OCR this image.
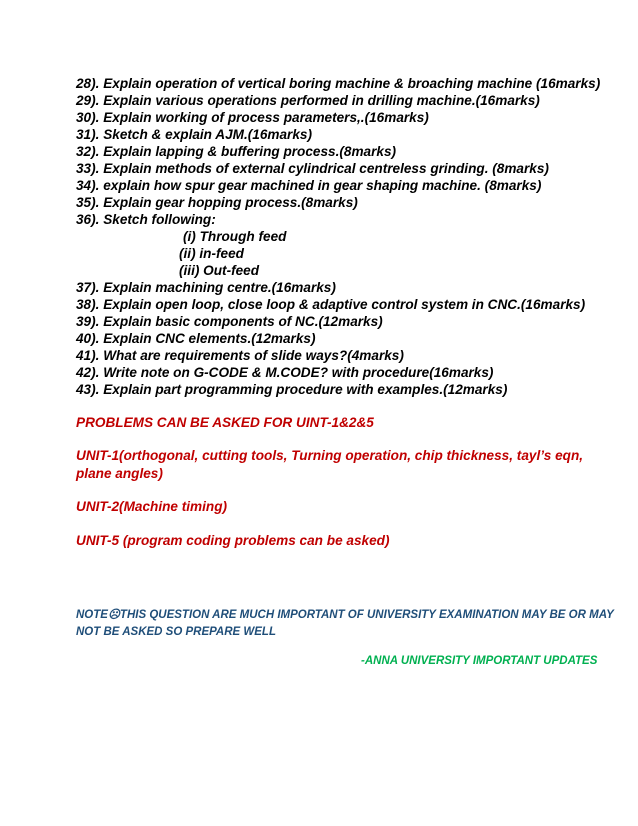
28). Explain operation of vertical boring machine & broaching machine (16marks)
29). Explain various operations performed in drilling machine.(16marks)
30). Explain working of process parameters,.(16marks)
31). Sketch & explain AJM.(16marks)
32). Explain lapping & buffering process.(8marks)
33). Explain methods of external cylindrical centreless grinding. (8marks)
34). explain how spur gear machined in gear shaping machine. (8marks)
35). Explain gear hopping process.(8marks)
36). Sketch following:
(i) Through feed
(ii) in-feed
(iii) Out-feed
37). Explain machining centre.(16marks)
38). Explain open loop, close loop & adaptive control system in CNC.(16marks)
39). Explain basic components of NC.(12marks)
40). Explain CNC elements.(12marks)
41). What are requirements of slide ways?(4marks)
42). Write note on G-CODE & M.CODE? with procedure(16marks)
43). Explain part programming procedure with examples.(12marks)
PROBLEMS CAN BE ASKED FOR UINT-1&2&5
UNIT-1(orthogonal, cutting tools, Turning operation, chip thickness, tayl’s eqn, plane angles)
UNIT-2(Machine timing)
UNIT-5 (program coding problems can be asked)
NOTE☹THIS QUESTION ARE MUCH IMPORTANT OF UNIVERSITY EXAMINATION MAY BE OR MAY NOT BE ASKED SO PREPARE WELL
-ANNA UNIVERSITY IMPORTANT UPDATES
